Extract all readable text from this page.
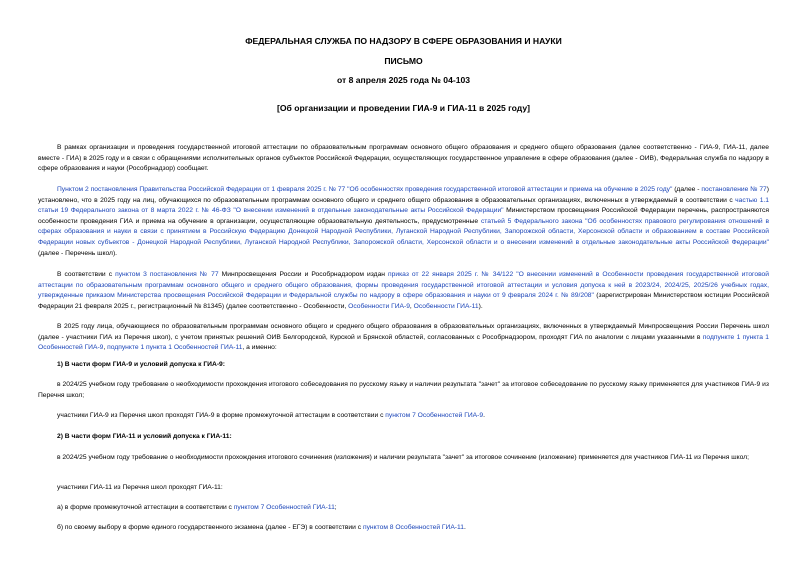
ФЕДЕРАЛЬНАЯ СЛУЖБА ПО НАДЗОРУ В СФЕРЕ ОБРАЗОВАНИЯ И НАУКИ
ПИСЬМО
от 8 апреля 2025 года № 04-103
[Об организации и проведении ГИА-9 и ГИА-11 в 2025 году]

В рамках организации и проведения государственной итоговой аттестации по образовательным программам основного общего образования и среднего общего образования (далее соответственно - ГИА-9, ГИА-11, далее вместе - ГИА) в 2025 году и в связи с обращениями исполнительных органов субъектов Российской Федерации, осуществляющих государственное управление в сфере образования (далее - ОИВ), Федеральная служба по надзору в сфере образования и науки (Рособрнадзор) сообщает.

Пунктом 2 постановления Правительства Российской Федерации от 1 февраля 2025 г. № 77 "Об особенностях проведения государственной итоговой аттестации и приема на обучение в 2025 году" (далее - постановление № 77) установлено, что в 2025 году на лиц, обучающихся по образовательным программам основного общего и среднего общего образования в образовательных организациях, включенных в утверждаемый в соответствии с частью 1.1 статьи 19 Федерального закона от 8 марта 2022 г. № 46-ФЗ "О внесении изменений в отдельные законодательные акты Российской Федерации" Министерством просвещения Российской Федерации перечень, распространяются особенности проведения ГИА и приема на обучение в организации, осуществляющие образовательную деятельность, предусмотренные статьей 5 Федерального закона "Об особенностях правового регулирования отношений в сферах образования и науки в связи с принятием в Российскую Федерацию Донецкой Народной Республики, Луганской Народной Республики, Запорожской области, Херсонской области и образованием в составе Российской Федерации новых субъектов - Донецкой Народной Республики, Луганской Народной Республики, Запорожской области, Херсонской области и о внесении изменений в отдельные законодательные акты Российской Федерации" (далее - Перечень школ).

В соответствии с пунктом 3 постановления № 77 Минпросвещения России и Рособрнадзором издан приказ от 22 января 2025 г. № 34/122 "О внесении изменений в Особенности проведения государственной итоговой аттестации по образовательным программам основного общего и среднего общего образования, формы проведения государственной итоговой аттестации и условия допуска к ней в 2023/24, 2024/25, 2025/26 учебных годах, утвержденные приказом Министерства просвещения Российской Федерации и Федеральной службы по надзору в сфере образования и науки от 9 февраля 2024 г. № 89/208" (зарегистрирован Министерством юстиции Российской Федерации 21 февраля 2025 г., регистрационный № 81345) (далее соответственно - Особенности, Особенности ГИА-9, Особенности ГИА-11).

В 2025 году лица, обучающиеся по образовательным программам основного общего и среднего общего образования в образовательных организациях, включенных в утверждаемый Минпросвещения России Перечень школ (далее - участники ГИА из Перечня школ), с учетом принятых решений ОИВ Белгородской, Курской и Брянской областей, согласованных с Рособрнадзором, проходят ГИА по аналогии с лицами указанными в подпункте 1 пункта 1 Особенностей ГИА-9, подпункте 1 пункта 1 Особенностей ГИА-11, а именно:

1) В части форм ГИА-9 и условий допуска к ГИА-9:

в 2024/25 учебном году требование о необходимости прохождения итогового собеседования по русскому языку и наличии результата "зачет" за итоговое собеседование по русскому языку применяется для участников ГИА-9 из Перечня школ;

участники ГИА-9 из Перечня школ проходят ГИА-9 в форме промежуточной аттестации в соответствии с пунктом 7 Особенностей ГИА-9.

2) В части форм ГИА-11 и условий допуска к ГИА-11:

в 2024/25 учебном году требование о необходимости прохождения итогового сочинения (изложения) и наличии результата "зачет" за итоговое сочинение (изложение) применяется для участников ГИА-11 из Перечня школ;

участники ГИА-11 из Перечня школ проходят ГИА-11:

а) в форме промежуточной аттестации в соответствии с пунктом 7 Особенностей ГИА-11;

б) по своему выбору в форме единого государственного экзамена (далее - ЕГЭ) в соответствии с пунктом 8 Особенностей ГИА-11.
